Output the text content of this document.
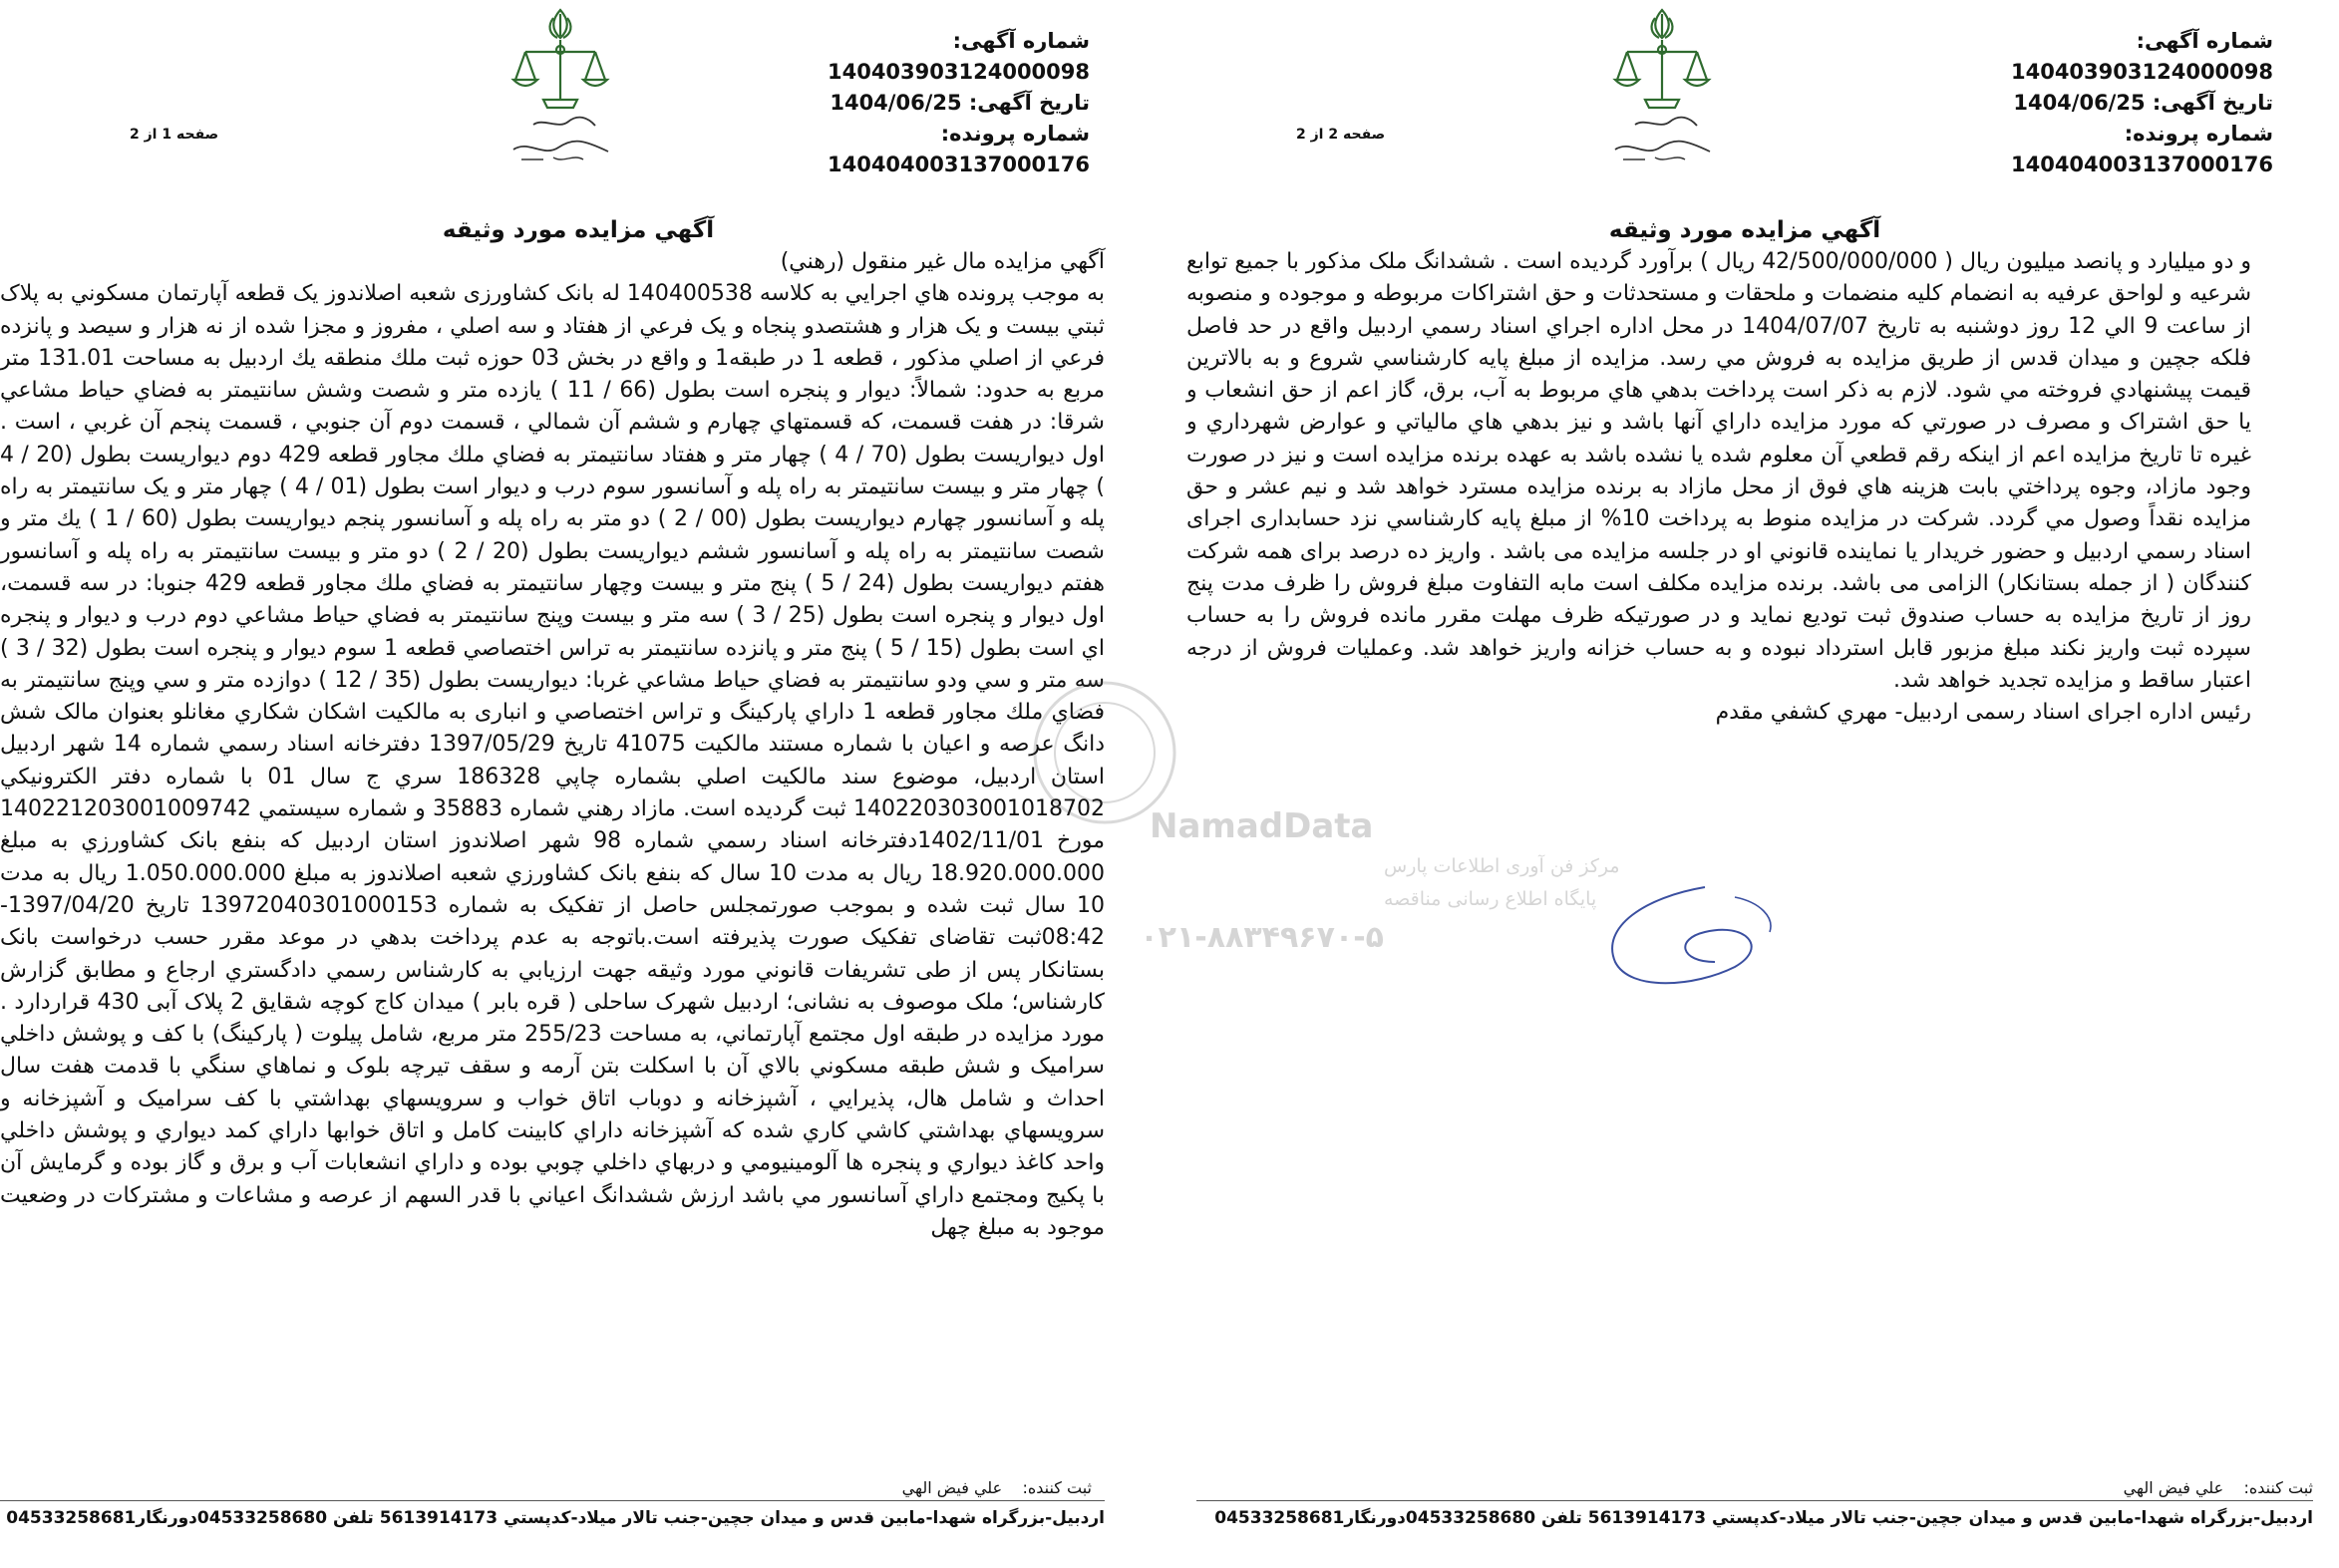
شماره آگهی: 140403903124000098
تاریخ آگهی: 1404/06/25
شماره پرونده: 140404003137000176
صفحه 1 از 2
آگهي مزايده مورد وثيقه

آگهي مزايده مال غير منقول (رهني)

به موجب پرونده هاي اجرايي به کلاسه 140400538 له بانک کشاورزی شعبه اصلاندوز یک قطعه آپارتمان مسکوني به پلاک ثبتي بيست و يک هزار و هشتصدو پنجاه و يک فرعي از هفتاد و سه اصلي ، مفروز و مجزا شده از نه هزار و سيصد و پانزده فرعي از اصلي مذکور ، قطعه 1 در طبقه1 و واقع در بخش 03 حوزه ثبت ملك منطقه يك اردبيل به مساحت 131.01 متر مربع به حدود: شمالاً: ديوار و پنجره است بطول (66 / 11 ) يازده متر و شصت وشش سانتيمتر به فضاي حياط مشاعي شرقا: در هفت قسمت، كه قسمتهاي چهارم و ششم آن شمالي ، قسمت دوم آن جنوبي ، قسمت پنجم آن غربي ، است . اول ديواريست بطول (70 / 4 ) چهار متر و هفتاد سانتيمتر به فضاي ملك مجاور قطعه 429 دوم ديواريست بطول (20 / 4 ) چهار متر و بيست سانتيمتر به راه پله و آسانسور سوم درب و ديوار است بطول (01 / 4 ) چهار متر و يک سانتيمتر به راه پله و آسانسور چهارم ديواريست بطول (00 / 2 ) دو متر به راه پله و آسانسور پنجم ديواريست بطول (60 / 1 ) يك متر و شصت سانتيمتر به راه پله و آسانسور ششم ديواريست بطول (20 / 2 ) دو متر و بيست سانتيمتر به راه پله و آسانسور هفتم ديواريست بطول (24 / 5 ) پنج متر و بيست وچهار سانتيمتر به فضاي ملك مجاور قطعه 429 جنوبا: در سه قسمت، اول ديوار و پنجره است بطول (25 / 3 ) سه متر و بيست وپنج سانتيمتر به فضاي حياط مشاعي دوم درب و ديوار و پنجره اي است بطول (15 / 5 ) پنج متر و پانزده سانتيمتر به تراس اختصاصي قطعه 1 سوم ديوار و پنجره است بطول (32 / 3 ) سه متر و سي ودو سانتيمتر به فضاي حياط مشاعي غربا: ديواريست بطول (35 / 12 ) دوازده متر و سي وپنج سانتيمتر به فضاي ملك مجاور قطعه 1 داراي پارکينگ و تراس اختصاصي و انباری به مالکيت اشکان شکاري مغانلو بعنوان مالک شش دانگ عرصه و اعيان با شماره مستند مالکيت 41075 تاريخ 1397/05/29 دفترخانه اسناد رسمي شماره 14 شهر اردبيل استان اردبيل، موضوع سند مالکيت اصلي بشماره چاپي 186328 سري ج سال 01 با شماره دفتر الكترونيكي 140220303001018702 ثبت گرديده است. مازاد رهني شماره 35883 و شماره سيستمي 140221203001009742 مورخ 1402/11/01دفترخانه اسناد رسمي شماره 98 شهر اصلاندوز استان اردبيل كه بنفع بانک کشاورزي به مبلغ 18.920.000.000 ريال به مدت 10 سال که بنفع بانک کشاورزي شعبه اصلاندوز به مبلغ 1.050.000.000 ريال به مدت 10 سال ثبت شده و بموجب صورتمجلس حاصل از تفکيک به شماره 13972040301000153 تاريخ 1397/04/20-08:42ثبت تقاضاى تفکيک صورت پذيرفته است.باتوجه به عدم پرداخت بدهي در موعد مقرر حسب درخواست بانک بستانکار پس از طی تشریفات قانوني مورد وثيقه جهت ارزيابي به کارشناس رسمي دادگستري ارجاع و مطابق گزارش کارشناس؛ ملک موصوف به نشانی؛ اردبیل شهرک ساحلی ( قره بابر ) میدان کاج کوچه شقایق 2 پلاک آبی 430 قراردارد . مورد مزايده در طبقه اول مجتمع آپارتماني، به مساحت 255/23 متر مربع، شامل پيلوت ( پارکينگ) با کف و پوشش داخلي سراميک و شش طبقه مسکوني بالاي آن با اسکلت بتن آرمه و سقف تيرچه بلوک و نماهاي سنگي با قدمت هفت سال احداث و شامل هال، پذيرايي ، آشپزخانه و دوباب اتاق خواب و سرويسهاي بهداشتي با کف سراميک و آشپزخانه و سرويسهاي بهداشتي کاشي کاري شده که آشپزخانه داراي کابينت کامل و اتاق خوابها داراي کمد ديواري و پوشش داخلي واحد کاغذ ديواري و پنجره ها آلومينيومي و دربهاي داخلي چوبي بوده و داراي انشعابات آب و برق و گاز بوده و گرمايش آن با پکيج ومجتمع داراي آسانسور مي باشد ارزش ششدانگ اعياني با قدر السهم از عرصه و مشاعات و مشترکات در وضعيت موجود به مبلغ چهل

ثبت کننده:    علي فيض الهي
اردبيل-بزرگراه شهدا-مابين قدس و ميدان جچين-جنب تالار ميلاد-کدپستي 5613914173 تلفن 04533258680دورنگار04533258681
شماره آگهی: 140403903124000098
تاریخ آگهی: 1404/06/25
شماره پرونده: 140404003137000176
صفحه 2 از 2
آگهي مزايده مورد وثيقه

و دو ميليارد و پانصد ميليون ريال ( 42/500/000/000 ريال ) برآورد گرديده است . ششدانگ ملک مذکور با جميع توابع شرعيه و لواحق عرفيه به انضمام کليه منضمات و ملحقات و مستحدثات و حق اشتراکات مربوطه و موجوده و منصوبه از ساعت 9 الي 12 روز دوشنبه به تاريخ 1404/07/07 در محل اداره اجراي اسناد رسمي اردبيل واقع در حد فاصل فلکه جچين و ميدان قدس از طريق مزايده به فروش مي رسد. مزايده از مبلغ پايه کارشناسي شروع و به بالاترين قيمت پيشنهادي فروخته مي شود. لازم به ذکر است پرداخت بدهي هاي مربوط به آب، برق، گاز اعم از حق انشعاب و يا حق اشتراک و مصرف در صورتي که مورد مزايده داراي آنها باشد و نيز بدهي هاي مالياتي و عوارض شهرداري و غيره تا تاريخ مزايده اعم از اينکه رقم قطعي آن معلوم شده يا نشده باشد به عهده برنده مزايده است و نيز در صورت وجود مازاد، وجوه پرداختي بابت هزينه هاي فوق از محل مازاد به برنده مزايده مسترد خواهد شد و نيم عشر و حق مزايده نقداً وصول مي گردد. شرکت در مزايده منوط به پرداخت 10% از مبلغ پايه کارشناسي نزد حسابداری اجرای اسناد رسمي اردبيل و حضور خريدار يا نماينده قانوني او در جلسه مزايده می باشد . واریز ده درصد برای همه شرکت کنندگان ( از جمله بستانکار) الزامی می باشد. برنده مزايده مکلف است مابه التفاوت مبلغ فروش را ظرف مدت پنج روز از تاريخ مزايده به حساب صندوق ثبت توديع نمايد و در صورتيکه ظرف مهلت مقرر مانده فروش را به حساب سپرده ثبت واريز نکند مبلغ مزبور قابل استرداد نبوده و به حساب خزانه واريز خواهد شد. وعمليات فروش از درجه اعتبار ساقط و مزايده تجديد خواهد شد.

رئيس اداره اجرای اسناد رسمی اردبیل- مهري کشفي مقدم

ثبت کننده:    علي فيض الهي
اردبيل-بزرگراه شهدا-مابين قدس و ميدان جچين-جنب تالار ميلاد-کدپستي 5613914173 تلفن 04533258680دورنگار04533258681
NamadData
مرکز فن آوری اطلاعات پارس
پایگاه اطلاع رسانی مناقصه
۰۲۱-۸۸۳۴۹۶۷۰-۵
